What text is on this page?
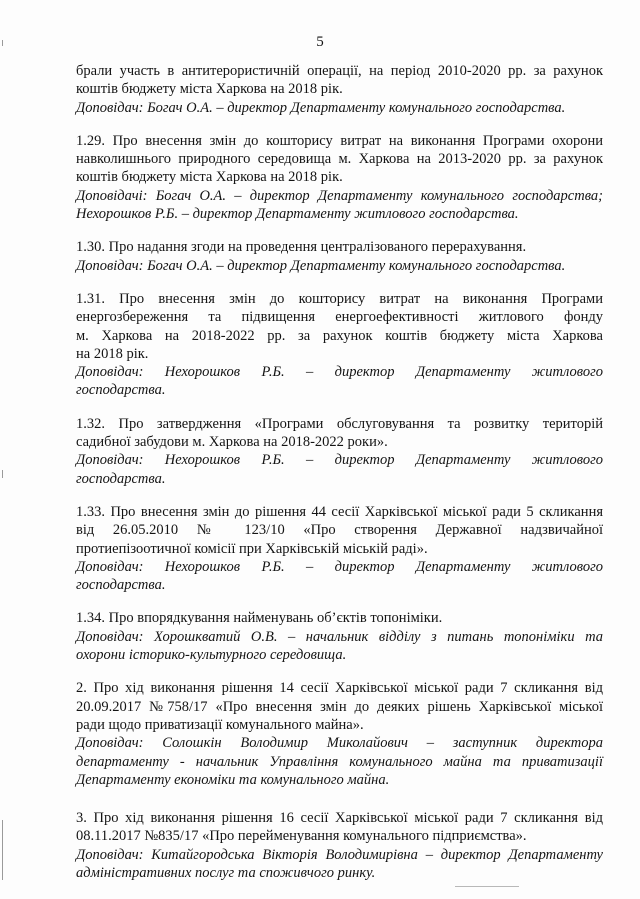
5

брали участь в антитерористичній операції, на період 2010-2020 рр. за рахунок
коштів бюджету міста Харкова на 2018 рік.

Доповідач: Богач О.А. – директор Департаменту комунального господарства.

1.29. Про внесення змін до кошторису витрат на виконання Програми охорони
навколишнього природного середовища м. Харкова на 2013-2020 рр. за рахунок
коштів бюджету міста Харкова на 2018 рік.

Доповідачі: Богач О.А. – директор Департаменту комунального господарства;
Нехорошков Р.Б. – директор Департаменту житлового господарства.

1.30. Про надання згоди на проведення централізованого перерахування.

Доповідач: Богач О.А. – директор Департаменту комунального господарства.

1.31. Про внесення змін до кошторису витрат на виконання Програми
енергозбереження та підвищення енергоефективності житлового фонду
м. Харкова на 2018-2022 рр. за рахунок коштів бюджету міста Харкова
на 2018 рік.

Доповідач: Нехорошков Р.Б. – директор Департаменту житлового
господарства.

1.32. Про затвердження «Програми обслуговування та розвитку територій
садибної забудови м. Харкова на 2018-2022 роки».

Доповідач: Нехорошков Р.Б. – директор Департаменту житлового
господарства.

1.33. Про внесення змін до рішення 44 сесії Харківської міської ради 5 скликання
від 26.05.2010 № 123/10 «Про створення Державної надзвичайної
протиепізоотичної комісії при Харківській міській раді».

Доповідач: Нехорошков Р.Б. – директор Департаменту житлового
господарства.

1.34. Про впорядкування найменувань об’єктів топоніміки.

Доповідач: Хорошкватий О.В. – начальник відділу з питань топоніміки та
охорони історико-культурного середовища.

2. Про хід виконання рішення 14 сесії Харківської міської ради 7 скликання від
20.09.2017 №758/17 «Про внесення змін до деяких рішень Харківської міської
ради щодо приватизації комунального майна».

Доповідач: Солошкін Володимир Миколайович – заступник директора
департаменту - начальник Управління комунального майна та приватизації
Департаменту економіки та комунального майна.

3. Про хід виконання рішення 16 сесії Харківської міської ради 7 скликання від
08.11.2017 №835/17 «Про перейменування комунального підприємства».

Доповідач: Китайгородська Вікторія Володимирівна – директор Департаменту
адміністративних послуг та споживчого ринку.
